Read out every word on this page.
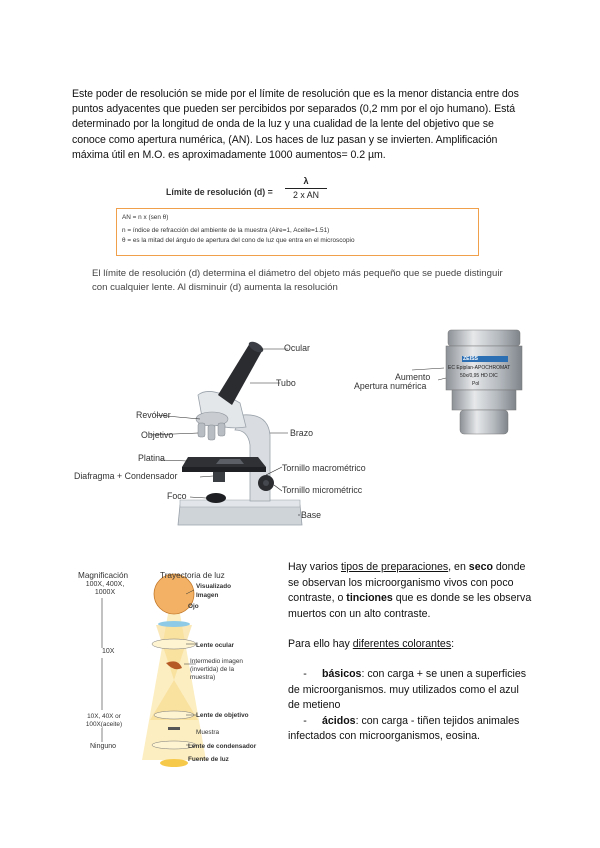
Este poder de resolución se mide por el límite de resolución que es la menor distancia entre dos puntos adyacentes que pueden ser percibidos por separados (0,2 mm por el ojo humano). Está determinado por la longitud de onda de la luz y una cualidad de la lente del objetivo que se conoce como apertura numérica, (AN). Los haces de luz pasan y se invierten. Amplificación máxima útil en M.O. es aproximadamente 1000 aumentos= 0.2 µm.
Límite de resolución (d) =
λ
2 x AN
AN = n x (sen θ)
n = índice de refracción del ambiente de la muestra (Aire=1, Aceite=1.51)
θ = es la mitad del ángulo de apertura del cono de luz que entra en el microscopio
El límite de resolución (d) determina el diámetro del objeto más pequeño que se puede distinguir con cualquier lente. Al disminuir (d) aumenta la resolución
Ocular
Tubo
Revólver
Objetivo	Brazo
Platina
Diafragma + Condensador
Tornillo macrométrico
Tornillo micrométricc
Foco
Base
ZEISS
EC Epiplan-APOCHROMAT
50x/0,95 HD DIC
Pol
Aumento
Apertura numérica
Magnificación
100X, 400X, 1000X
10X
10X, 40X or 100X(aceite)
Ninguno
Trayectoria de luz
Visualizado
Imagen
Ojo
Lente ocular
Intermedio imagen (invertida) de la muestra)
Lente de objetivo
Muestra
Lente de condensador
Fuente de luz
Hay varios tipos de preparaciones, en seco donde se observan los microorganismo vivos con poco contraste, o tinciones que es donde se les observa muertos con un alto contraste.
Para ello hay diferentes colorantes:
- básicos: con carga + se unen a superficies de microorganismos. muy utilizados como el azul de metieno
- ácidos: con carga - tiñen tejidos animales infectados con microorganismos, eosina.
